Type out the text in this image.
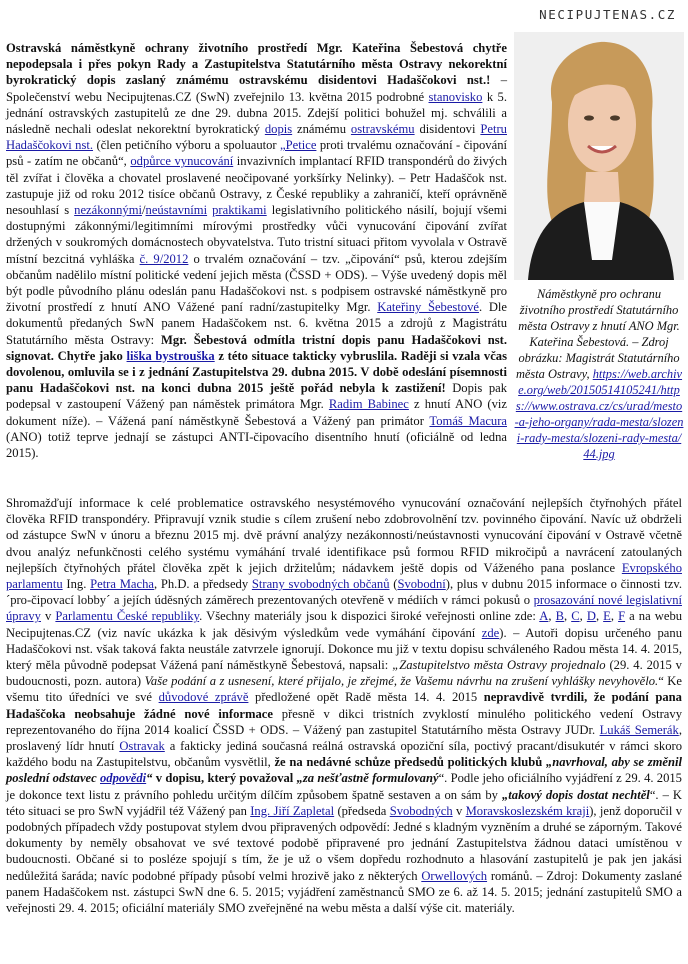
NECIPUJTENAS.CZ
Ostravská náměstkyně ochrany životního prostředí Mgr. Kateřina Šebestová chytře nepodepsala i přes pokyn Rady a Zastupitelstva Statutárního města Ostravy nekorektní byrokratický dopis zaslaný známému ostravskému disidentovi Hadaščokovi nst.! – Společenství webu Necipujtenas.CZ (SwN) zveřejnilo 13. května 2015 podrobné stanovisko k 5. jednání ostravských zastupitelů ze dne 29. dubna 2015. Zdejší politici bohužel mj. schválili a následně nechali odeslat nekorektní byrokratický dopis známému ostravskému disidentovi Petru Hadaščokovi nst. (člen petičního výboru a spoluautor „Petice proti trvalému označování - čipování psů - zatím ne občanů“, odpůrce vynucování invazivních implantací RFID transpondérů do živých těl zvířat i člověka a chovatel proslavené neočipované yorkšírky Nelinky). – Petr Hadaščok nst. zastupuje již od roku 2012 tisíce občanů Ostravy, z České republiky a zahraničí, kteří oprávněně nesouhlasí s nezákonnými/neústavními praktikami legislativního politického násilí, bojují všemi dostupnými zákonnými/legitimními mírovými prostředky vůči vynucování čipování zvířat držených v soukromých domácnostech obyvatelstva. Tuto tristní situaci přitom vyvolala v Ostravě místní bezcitná vyhláška č. 9/2012 o trvalém označování – tzv. „čipování“ psů, kterou zdejším občanům nadělilo místní politické vedení jejich města (ČSSD + ODS). – Výše uvedený dopis měl být podle původního plánu odeslán panu Hadaščokovi nst. s podpisem ostravské náměstkyně pro životní prostředí z hnutí ANO Vážené paní radní/zastupitelky Mgr. Kateřiny Šebestové. Dle dokumentů předaných SwN panem Hadaščokem nst. 6. května 2015 a zdrojů z Magistrátu Statutárního města Ostravy: Mgr. Šebestová odmítla tristní dopis panu Hadaščokovi nst. signovat. Chytře jako liška bystrouška z této situace takticky vybruslila. Raději si vzala včas dovolenou, omluvila se i z jednání Zastupitelstva 29. dubna 2015. V době odeslání písemnosti panu Hadaščokovi nst. na konci dubna 2015 ještě pořád nebyla k zastižení! Dopis pak podepsal v zastoupení Vážený pan náměstek primátora Mgr. Radim Babinec z hnutí ANO (viz dokument níže). – Vážená paní náměstkyně Šebestová a Vážený pan primátor Tomáš Macura (ANO) totiž teprve jednají se zástupci ANTI-čipovacího disentního hnutí (oficiálně od ledna 2015).
Náměstkyně pro ochranu životního prostředí Statutárního města Ostravy z hnutí ANO Mgr. Kateřina Šebestová. – Zdroj obrázku: Magistrát Statutárního města Ostravy, https://web.archive.org/web/20150514105241/https://www.ostrava.cz/cs/urad/mesto-a-jeho-organy/rada-mesta/slozeni-rady-mesta/slozeni-rady-mesta/44.jpg
Shromažďují informace k celé problematice ostravského nesystémového vynucování označování nejlepších čtyřnohých přátel člověka RFID transpondéry. Připravují vznik studie s cílem zrušení nebo zdobrovolnění tzv. povinného čipování. Navíc už obdrželi od zástupce SwN v únoru a březnu 2015 mj. dvě právní analýzy nezákonnosti/neústavnosti vynucování čipování v Ostravě včetně dvou analýz nefunkčnosti celého systému vymáhání trvalé identifikace psů formou RFID mikročipů a navrácení zatoulaných nejlepších čtyřnohých přátel člověka zpět k jejich držitelům; nádavkem ještě dopis od Váženého pana poslance Evropského parlamentu Ing. Petra Macha, Ph.D. a předsedy Strany svobodných občanů (Svobodní), plus v dubnu 2015 informace o činnosti tzv. ´pro-čipovací lobby´ a jejích úděsných záměrech prezentovaných otevřeně v médiích v rámci pokusů o prosazování nové legislativní úpravy v Parlamentu České republiky. Všechny materiály jsou k dispozici široké veřejnosti online zde: A, B, C, D, E, F a na webu Necipujtenas.CZ (viz navíc ukázka k jak děsivým výsledkům vede vymáhání čipování zde). – Autoři dopisu určeného panu Hadaščokovi nst. však taková fakta neustále zatvrzele ignorují. Dokonce mu již v textu dopisu schváleného Radou města 14. 4. 2015, který měla původně podepsat Vážená paní náměstkyně Šebestová, napsali: „Zastupitelstvo města Ostravy projednalo (29. 4. 2015 v budoucnosti, pozn. autora) Vaše podání a z usnesení, které přijalo, je zřejmé, že Vašemu návrhu na zrušení vyhlášky nevyhovělo.“ Ke všemu tito úředníci ve své důvodové zprávě předložené opět Radě města 14. 4. 2015 nepravdivě tvrdili, že podání pana Hadaščoka neobsahuje žádné nové informace přesně v dikci tristních zvyklostí minulého politického vedení Ostravy reprezentovaného do října 2014 koalicí ČSSD + ODS. – Vážený pan zastupitel Statutárního města Ostravy JUDr. Lukáš Semerák, proslavený lídr hnutí Ostravak a fakticky jediná současná reálná ostravská opoziční síla, poctivý pracant/disukutér v rámci skoro každého bodu na Zastupitelstvu, občanům vysvětlil, že na nedávné schůze předsedů politických klubů „navrhoval, aby se změnil poslední odstavec odpovědi“ v dopisu, který považoval „za nešťastně formulovaný“. Podle jeho oficiálního vyjádření z 29. 4. 2015 je dokonce text listu z právního pohledu určitým dílčím způsobem špatně sestaven a on sám by „takový dopis dostat nechtěl“. – K této situaci se pro SwN vyjádřil též Vážený pan Ing. Jiří Zapletal (předseda Svobodných v Moravskoslezském kraji), jenž doporučil v podobných případech vždy postupovat stylem dvou připravených odpovědí: Jedné s kladným vyzněním a druhé se záporným. Takové dokumenty by neměly obsahovat ve své textové podobě připravené pro jednání Zastupitelstva žádnou dataci umístěnou v budoucnosti. Občané si to posléze spojují s tím, že je už o všem dopředu rozhodnuto a hlasování zastupitelů je pak jen jakási nedůležitá šaráda; navíc podobné případy působí velmi hrozivě jako z některých Orwellových románů. – Zdroj: Dokumenty zaslané panem Hadaščokem nst. zástupci SwN dne 6. 5. 2015; vyjádření zaměstnanců SMO ze 6. až 14. 5. 2015; jednání zastupitelů SMO a veřejnosti 29. 4. 2015; oficiální materiály SMO zveřejněné na webu města a další výše cit. materiály.
